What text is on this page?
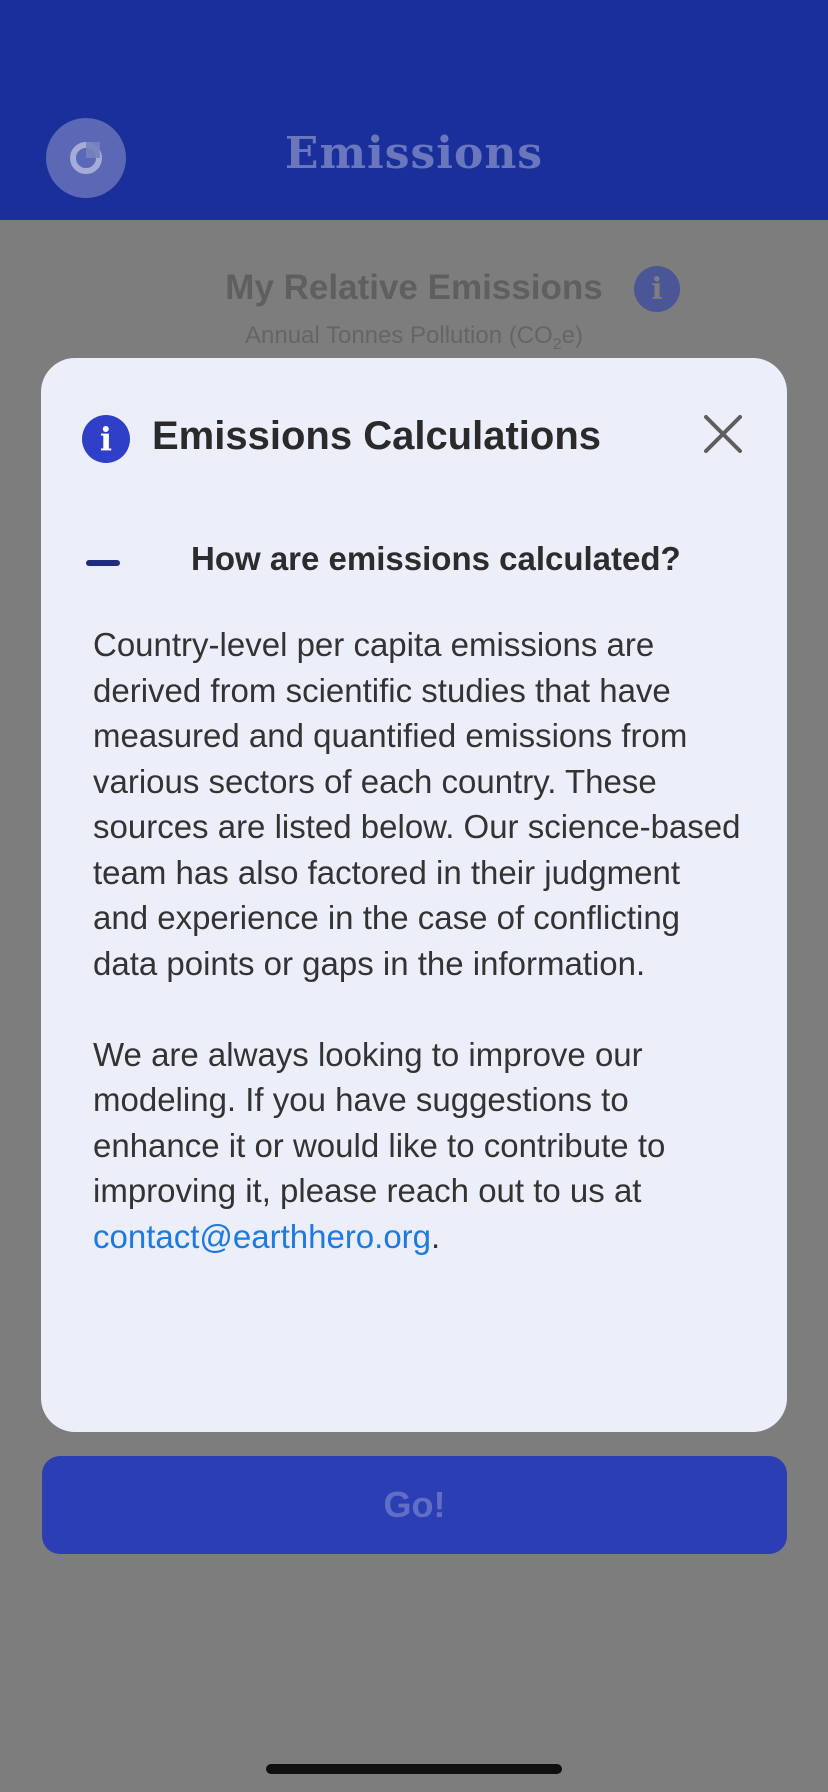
Emissions
My Relative Emissions	i
Annual Tonnes Pollution $(CO_2e)$
Go!
i Emissions Calculations
How are emissions calculated?

Country-level per capita emissions are derived from scientific studies that have measured and quantified emissions from various sectors of each country. These sources are listed below. Our science-based team has also factored in their judgment and experience in the case of conflicting data points or gaps in the information.

We are always looking to improve our modeling. If you have suggestions to enhance it or would like to contribute to improving it, please reach out to us at contact@earthhero.org.
